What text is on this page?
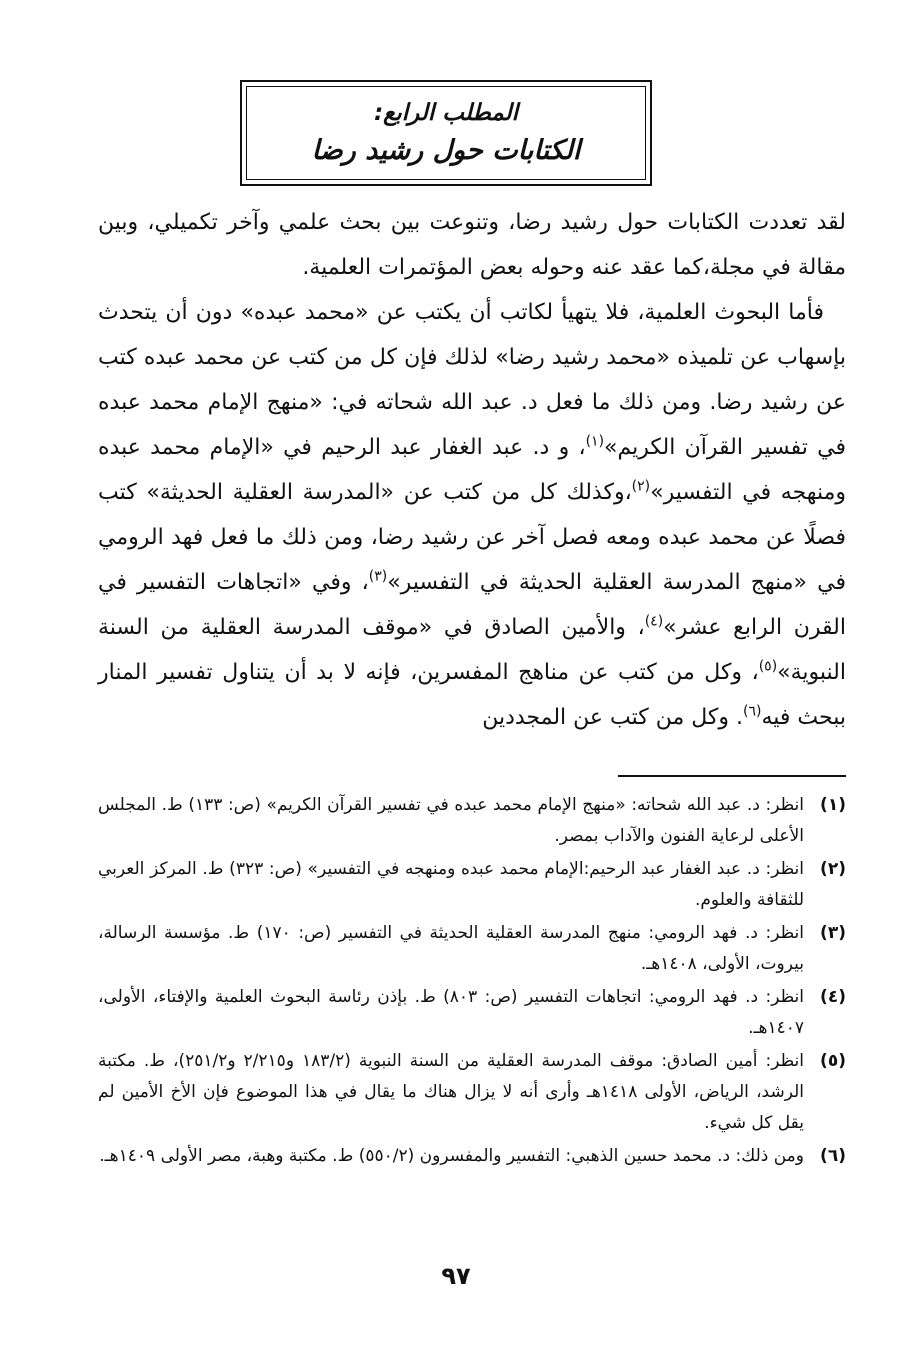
المطلب الرابع:
الكتابات حول رشيد رضا

لقد تعددت الكتابات حول رشيد رضا، وتنوعت بين بحث علمي وآخر تكميلي، وبين مقالة في مجلة،كما عقد عنه وحوله بعض المؤتمرات العلمية.

فأما البحوث العلمية، فلا يتهيأ لكاتب أن يكتب عن «محمد عبده» دون أن يتحدث بإسهاب عن تلميذه «محمد رشيد رضا» لذلك فإن كل من كتب عن محمد عبده كتب عن رشيد رضا. ومن ذلك ما فعل د. عبد الله شحاته في: «منهج الإمام محمد عبده في تفسير القرآن الكريم»$^{(١)}$، و د. عبد الغفار عبد الرحيم في «الإمام محمد عبده ومنهجه في التفسير»$^{(٢)}$،وكذلك كل من كتب عن «المدرسة العقلية الحديثة» كتب فصلًا عن محمد عبده ومعه فصل آخر عن رشيد رضا، ومن ذلك ما فعل فهد الرومي في «منهج المدرسة العقلية الحديثة في التفسير»$^{(٣)}$، وفي «اتجاهات التفسير في القرن الرابع عشر»$^{(٤)}$، والأمين الصادق في «موقف المدرسة العقلية من السنة النبوية»$^{(٥)}$، وكل من كتب عن مناهج المفسرين، فإنه لا بد أن يتناول تفسير المنار ببحث فيه$^{(٦)}$. وكل من كتب عن المجددين

(١)
انظر: د. عبد الله شحاته: «منهج الإمام محمد عبده في تفسير القرآن الكريم» (ص: ١٣٣) ط. المجلس الأعلى لرعاية الفنون والآداب بمصر.
(٢)
انظر: د. عبد الغفار عبد الرحيم:الإمام محمد عبده ومنهجه في التفسير» (ص: ٣٢٣) ط. المركز العربي للثقافة والعلوم.
(٣)
انظر: د. فهد الرومي: منهج المدرسة العقلية الحديثة في التفسير (ص: ١٧٠) ط. مؤسسة الرسالة، بيروت، الأولى، ١٤٠٨هـ.
(٤)
انظر: د. فهد الرومي: اتجاهات التفسير (ص: ٨٠٣) ط. بإذن رئاسة البحوث العلمية والإفتاء، الأولى، ١٤٠٧هـ.
(٥)
انظر: أمين الصادق: موقف المدرسة العقلية من السنة النبوية (١٨٣/٢ و٢/٢١٥ و٢٥١/٢)، ط. مكتبة الرشد، الرياض، الأولى ١٤١٨هـ وأرى أنه لا يزال هناك ما يقال في هذا الموضوع فإن الأخ الأمين لم يقل كل شيء.
(٦)
ومن ذلك: د. محمد حسين الذهبي: التفسير والمفسرون (٥٥٠/٢) ط. مكتبة وهبة، مصر الأولى ١٤٠٩هـ.
٩٧
